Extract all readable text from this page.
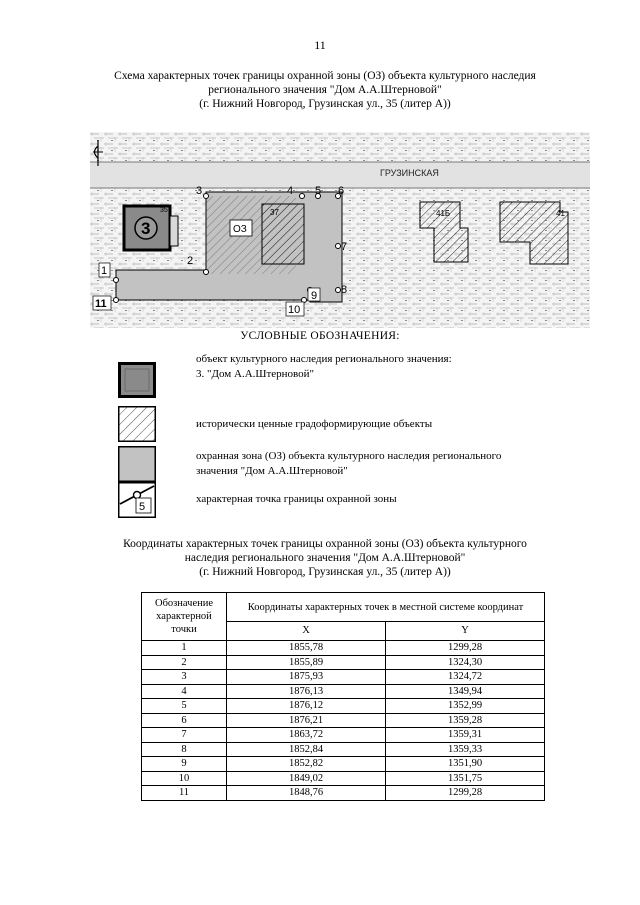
11
Схема характерных точек границы охранной зоны (ОЗ) объекта культурного наследия
регионального значения "Дом А.А.Штерновой"
(г. Нижний Новгород, Грузинская ул., 35 (литер А))
ГРУЗИНСКАЯ
37	41Б	41
3
35
ОЗ
1
2
3	4 5 6
7
8
9
10
11
УСЛОВНЫЕ ОБОЗНАЧЕНИЯ:
объект культурного наследия регионального значения:
3. "Дом А.А.Штерновой"
исторически ценные градоформирующие объекты
охранная зона (ОЗ) объекта культурного наследия регионального
значения "Дом А.А.Штерновой"
5
характерная точка границы охранной зоны
Координаты характерных точек границы охранной зоны (ОЗ) объекта культурного
наследия регионального значения "Дом А.А.Штерновой"
(г. Нижний Новгород, Грузинская ул., 35 (литер А))
Обозначение характерной точки	Координаты характерных точек в местной системе координат	
	X	Y
1	1855,78	1299,28
2	1855,89	1324,30
3	1875,93	1324,72
4	1876,13	1349,94
5	1876,12	1352,99
6	1876,21	1359,28
7	1863,72	1359,31
8	1852,84	1359,33
9	1852,82	1351,90
10	1849,02	1351,75
11	1848,76	1299,28
